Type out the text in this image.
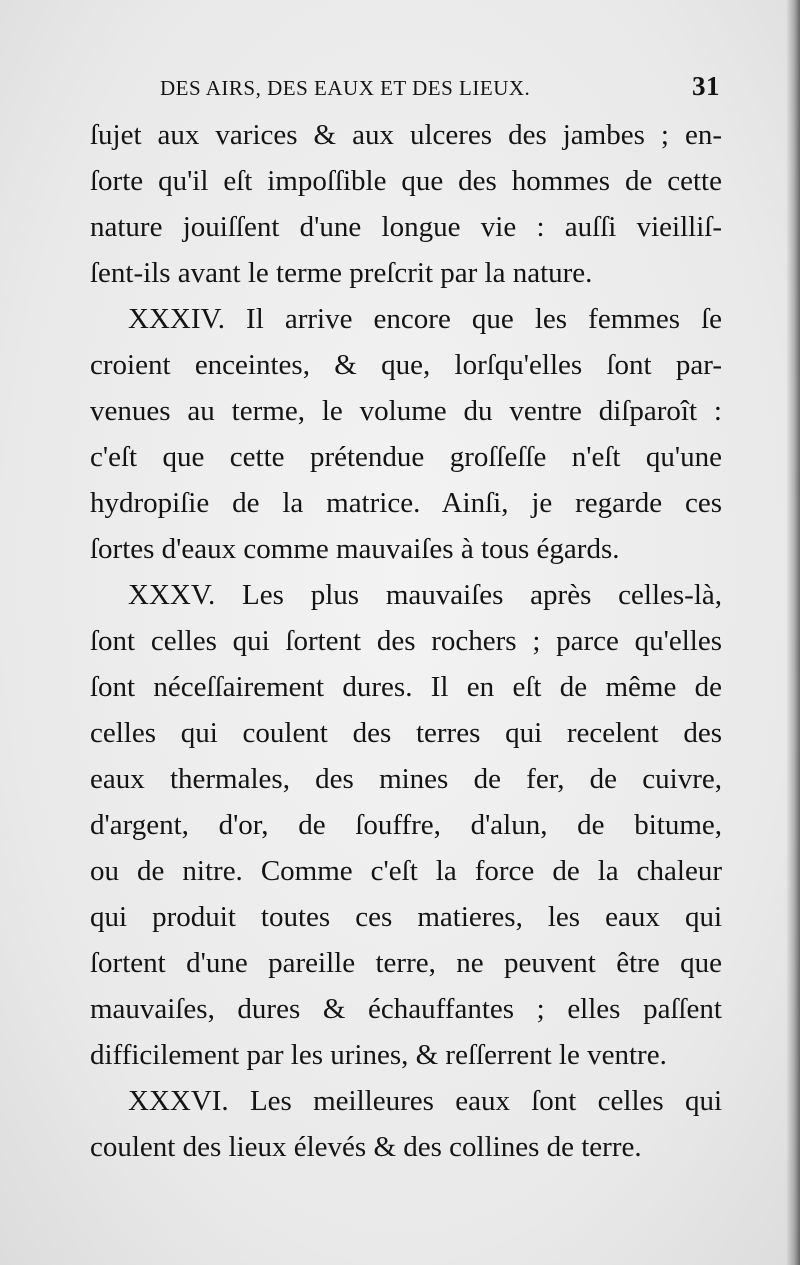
DES AIRS, DES EAUX ET DES LIEUX.	31
ſujet aux varices & aux ulceres des jambes ; en-
ſorte qu'il eſt impoſſible que des hommes de cette
nature jouiſſent d'une longue vie : auſſi vieilliſ-
ſent-ils avant le terme preſcrit par la nature.
XXXIV. Il arrive encore que les femmes ſe
croient enceintes, & que, lorſqu'elles ſont par-
venues au terme, le volume du ventre diſparoît :
c'eſt que cette prétendue groſſeſſe n'eſt qu'une
hydropiſie de la matrice. Ainſi, je regarde ces
ſortes d'eaux comme mauvaiſes à tous égards.
XXXV. Les plus mauvaiſes après celles-là,
ſont celles qui ſortent des rochers ; parce qu'elles
ſont néceſſairement dures. Il en eſt de même de
celles qui coulent des terres qui recelent des
eaux thermales, des mines de fer, de cuivre,
d'argent, d'or, de ſouffre, d'alun, de bitume,
ou de nitre. Comme c'eſt la force de la chaleur
qui produit toutes ces matieres, les eaux qui
ſortent d'une pareille terre, ne peuvent être que
mauvaiſes, dures & échauffantes ; elles paſſent
difficilement par les urines, & reſſerrent le ventre.
XXXVI. Les meilleures eaux ſont celles qui
coulent des lieux élevés & des collines de terre.
